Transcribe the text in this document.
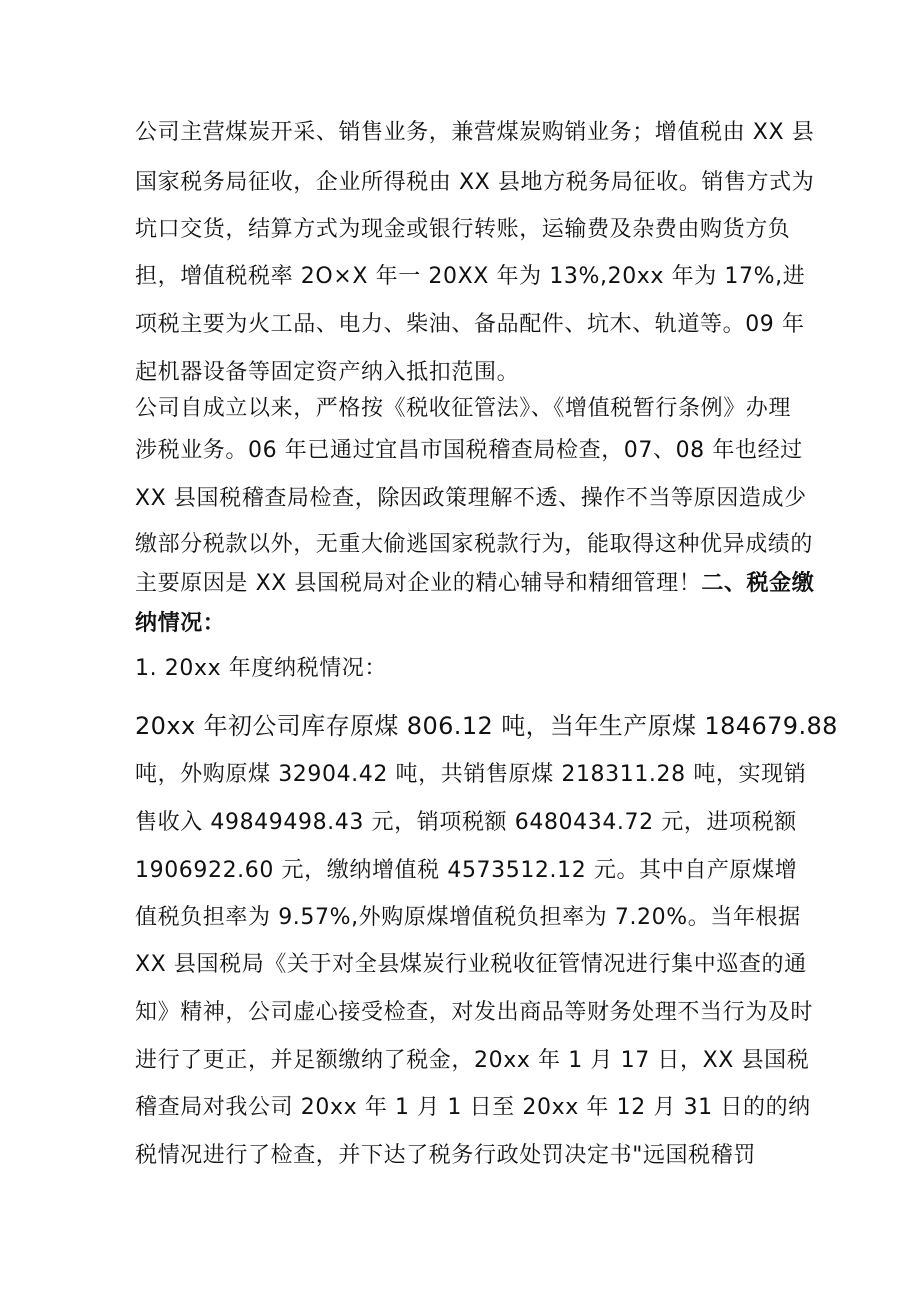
公司主营煤炭开采、销售业务，兼营煤炭购销业务；增值税由 XX 县

国家税务局征收，企业所得税由 XX 县地方税务局征收。销售方式为

坑口交货，结算方式为现金或银行转账，运输费及杂费由购货方负

担，增值税税率 2O×X 年一 20XX 年为 13%,20xx 年为 17%,进

项税主要为火工品、电力、柴油、备品配件、坑木、轨道等。09 年

起机器设备等固定资产纳入抵扣范围。

公司自成立以来，严格按《税收征管法》、《增值税暂行条例》办理

涉税业务。06 年已通过宜昌市国税稽查局检查，07、08 年也经过

XX 县国税稽查局检查，除因政策理解不透、操作不当等原因造成少

缴部分税款以外，无重大偷逃国家税款行为，能取得这种优异成绩的

主要原因是 XX 县国税局对企业的精心辅导和精细管理！二、税金缴

纳情况：

1. 20xx 年度纳税情况：

20xx 年初公司库存原煤 806.12 吨，当年生产原煤 184679.88

吨，外购原煤 32904.42 吨，共销售原煤 218311.28 吨，实现销

售收入 49849498.43 元，销项税额 6480434.72 元，进项税额

1906922.60 元，缴纳增值税 4573512.12 元。其中自产原煤增

值税负担率为 9.57%,外购原煤增值税负担率为 7.20%。当年根据

XX 县国税局《关于对全县煤炭行业税收征管情况进行集中巡查的通

知》精神，公司虚心接受检查，对发出商品等财务处理不当行为及时

进行了更正，并足额缴纳了税金，20xx 年 1 月 17 日，XX 县国税

稽查局对我公司 20xx 年 1 月 1 日至 20xx 年 12 月 31 日的的纳

税情况进行了检查，并下达了税务行政处罚决定书"远国税稽罚
